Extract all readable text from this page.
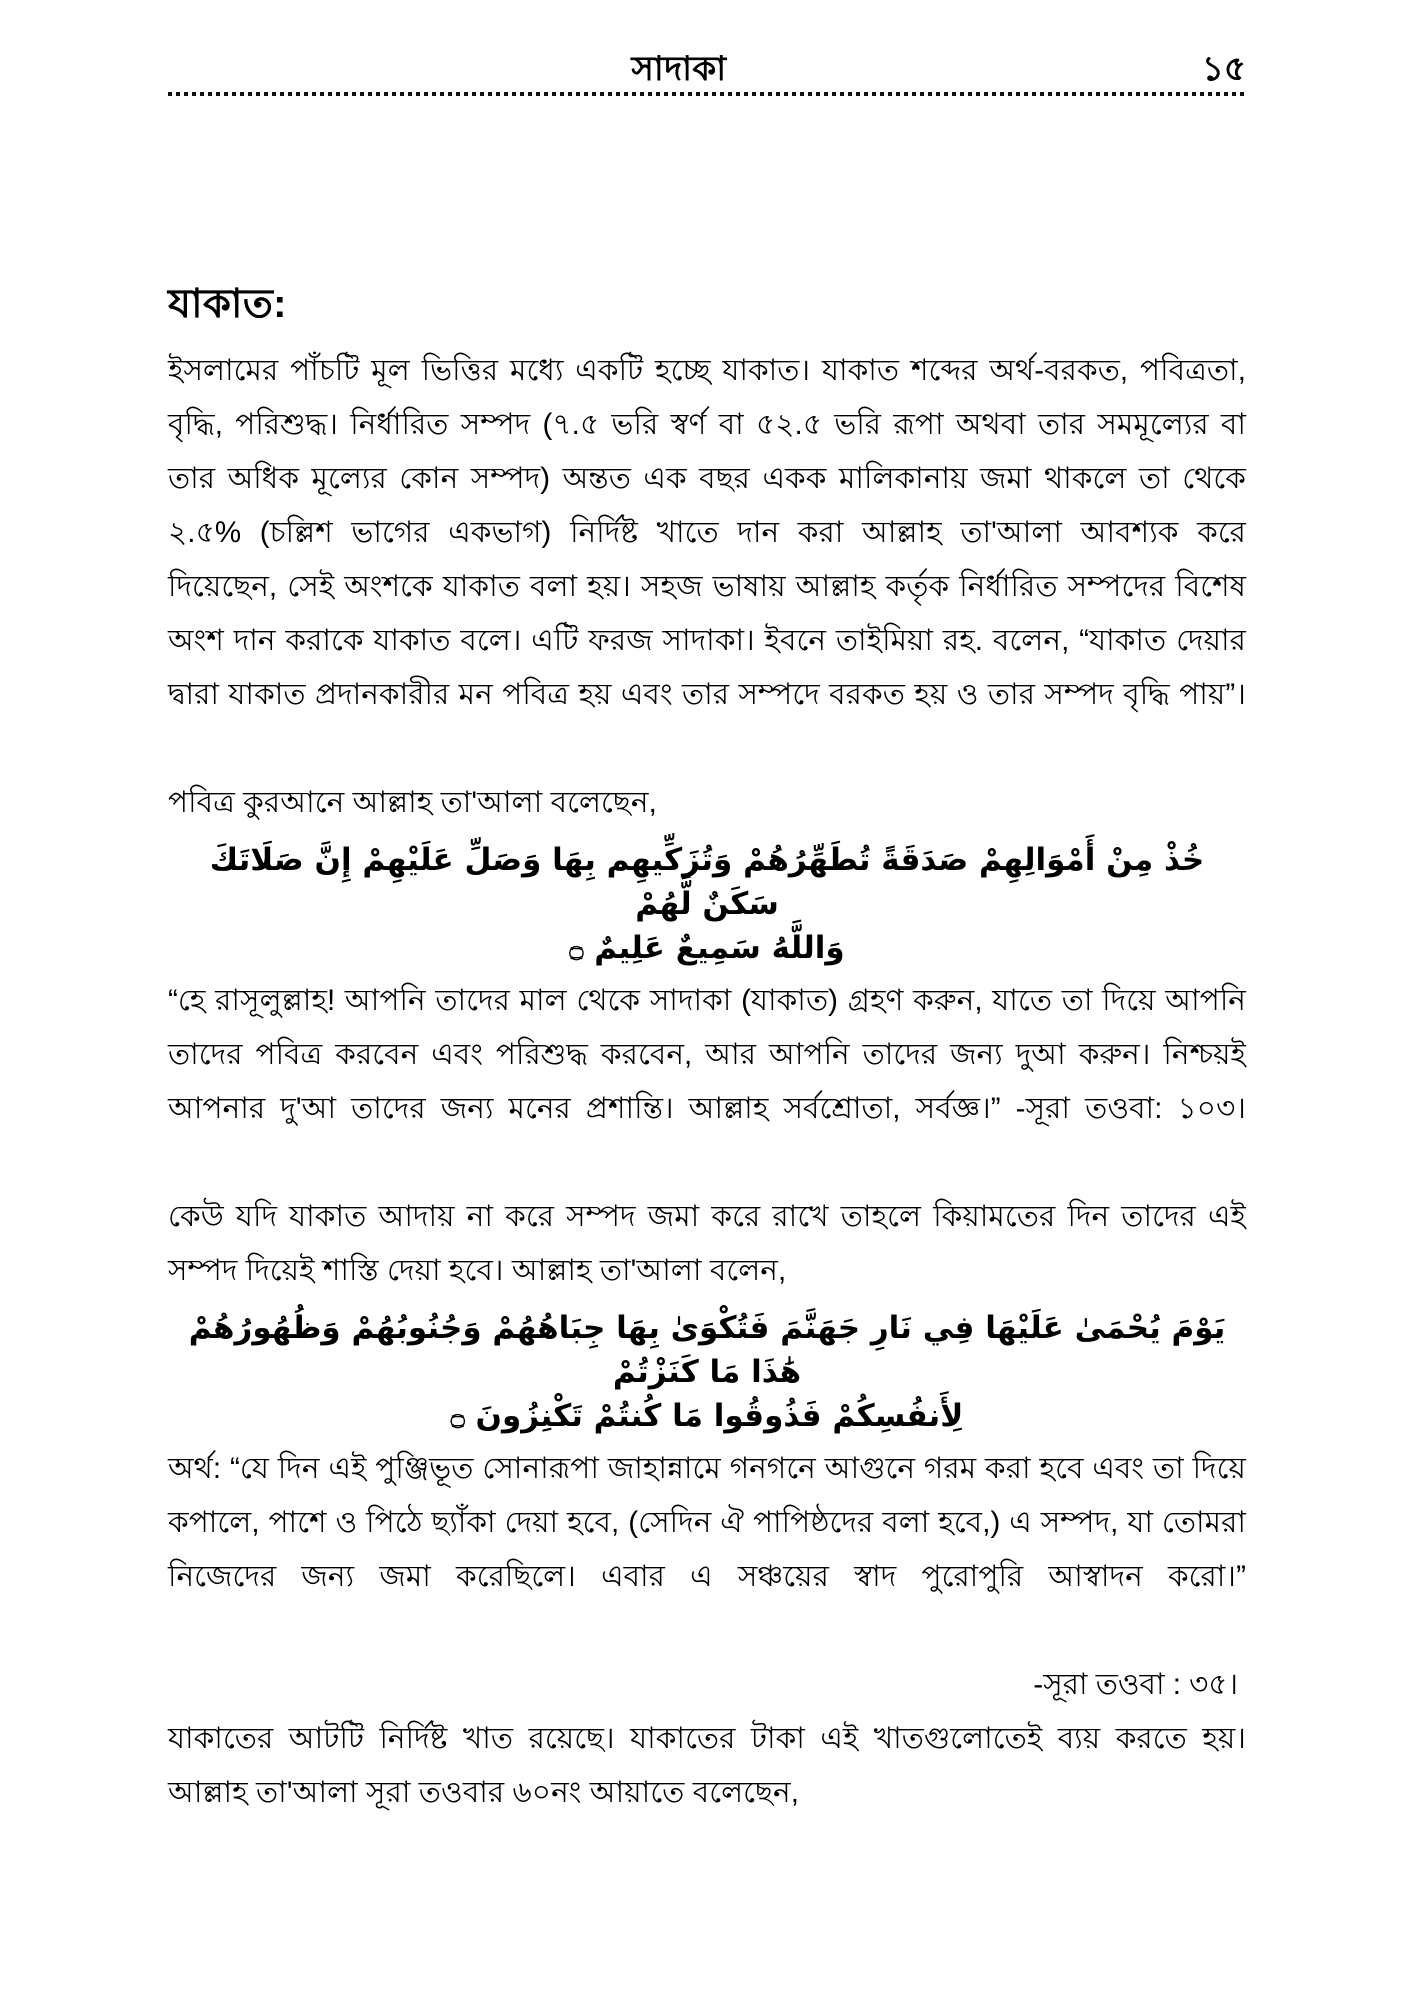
সাদাকা	১৫
যাকাত:

ইসলামের পাঁচটি মূল ভিত্তির মধ্যে একটি হচ্ছে যাকাত। যাকাত শব্দের অর্থ-বরকত, পবিত্রতা, বৃদ্ধি, পরিশুদ্ধ। নির্ধারিত সম্পদ (৭.৫ ভরি স্বর্ণ বা ৫২.৫ ভরি রূপা অথবা তার সমমূল্যের বা তার অধিক মূল্যের কোন সম্পদ) অন্তত এক বছর একক মালিকানায় জমা থাকলে তা থেকে ২.৫% (চল্লিশ ভাগের একভাগ) নির্দিষ্ট খাতে দান করা আল্লাহ তা'আলা আবশ্যক করে দিয়েছেন, সেই অংশকে যাকাত বলা হয়। সহজ ভাষায় আল্লাহ কর্তৃক নির্ধারিত সম্পদের বিশেষ অংশ দান করাকে যাকাত বলে। এটি ফরজ সাদাকা। ইবনে তাইমিয়া রহ. বলেন, “যাকাত দেয়ার দ্বারা যাকাত প্রদানকারীর মন পবিত্র হয় এবং তার সম্পদে বরকত হয় ও তার সম্পদ বৃদ্ধি পায়”।

পবিত্র কুরআনে আল্লাহ তা'আলা বলেছেন,

خُذْ مِنْ أَمْوَالِهِمْ صَدَقَةً تُطَهِّرُهُمْ وَتُزَكِّيهِم بِهَا وَصَلِّ عَلَيْهِمْ إِنَّ صَلَاتَكَ سَكَنٌ لَّهُمْ
وَاللَّهُ سَمِيعٌ عَلِيمٌ ۝

“হে রাসূলুল্লাহ! আপনি তাদের মাল থেকে সাদাকা (যাকাত) গ্রহণ করুন, যাতে তা দিয়ে আপনি তাদের পবিত্র করবেন এবং পরিশুদ্ধ করবেন, আর আপনি তাদের জন্য দুআ করুন। নিশ্চয়ই আপনার দু'আ তাদের জন্য মনের প্রশান্তি। আল্লাহ সর্বশ্রোতা, সর্বজ্ঞ।” -সূরা তওবা: ১০৩।

কেউ যদি যাকাত আদায় না করে সম্পদ জমা করে রাখে তাহলে কিয়ামতের দিন তাদের এই সম্পদ দিয়েই শাস্তি দেয়া হবে। আল্লাহ তা'আলা বলেন,

يَوْمَ يُحْمَىٰ عَلَيْهَا فِي نَارِ جَهَنَّمَ فَتُكْوَىٰ بِهَا جِبَاهُهُمْ وَجُنُوبُهُمْ وَظُهُورُهُمْ هَٰذَا مَا كَنَزْتُمْ
لِأَنفُسِكُمْ فَذُوقُوا مَا كُنتُمْ تَكْنِزُونَ ۝

অর্থ: “যে দিন এই পুঞ্জিভূত সোনারূপা জাহান্নামে গনগনে আগুনে গরম করা হবে এবং তা দিয়ে কপালে, পাশে ও পিঠে ছ্যাঁকা দেয়া হবে, (সেদিন ঐ পাপিষ্ঠদের বলা হবে,) এ সম্পদ, যা তোমরা নিজেদের জন্য জমা করেছিলে। এবার এ সঞ্চয়ের স্বাদ পুরোপুরি আস্বাদন করো।”

-সূরা তওবা : ৩৫।

যাকাতের আটটি নির্দিষ্ট খাত রয়েছে। যাকাতের টাকা এই খাতগুলোতেই ব্যয় করতে হয়। আল্লাহ তা'আলা সূরা তওবার ৬০নং আয়াতে বলেছেন,
